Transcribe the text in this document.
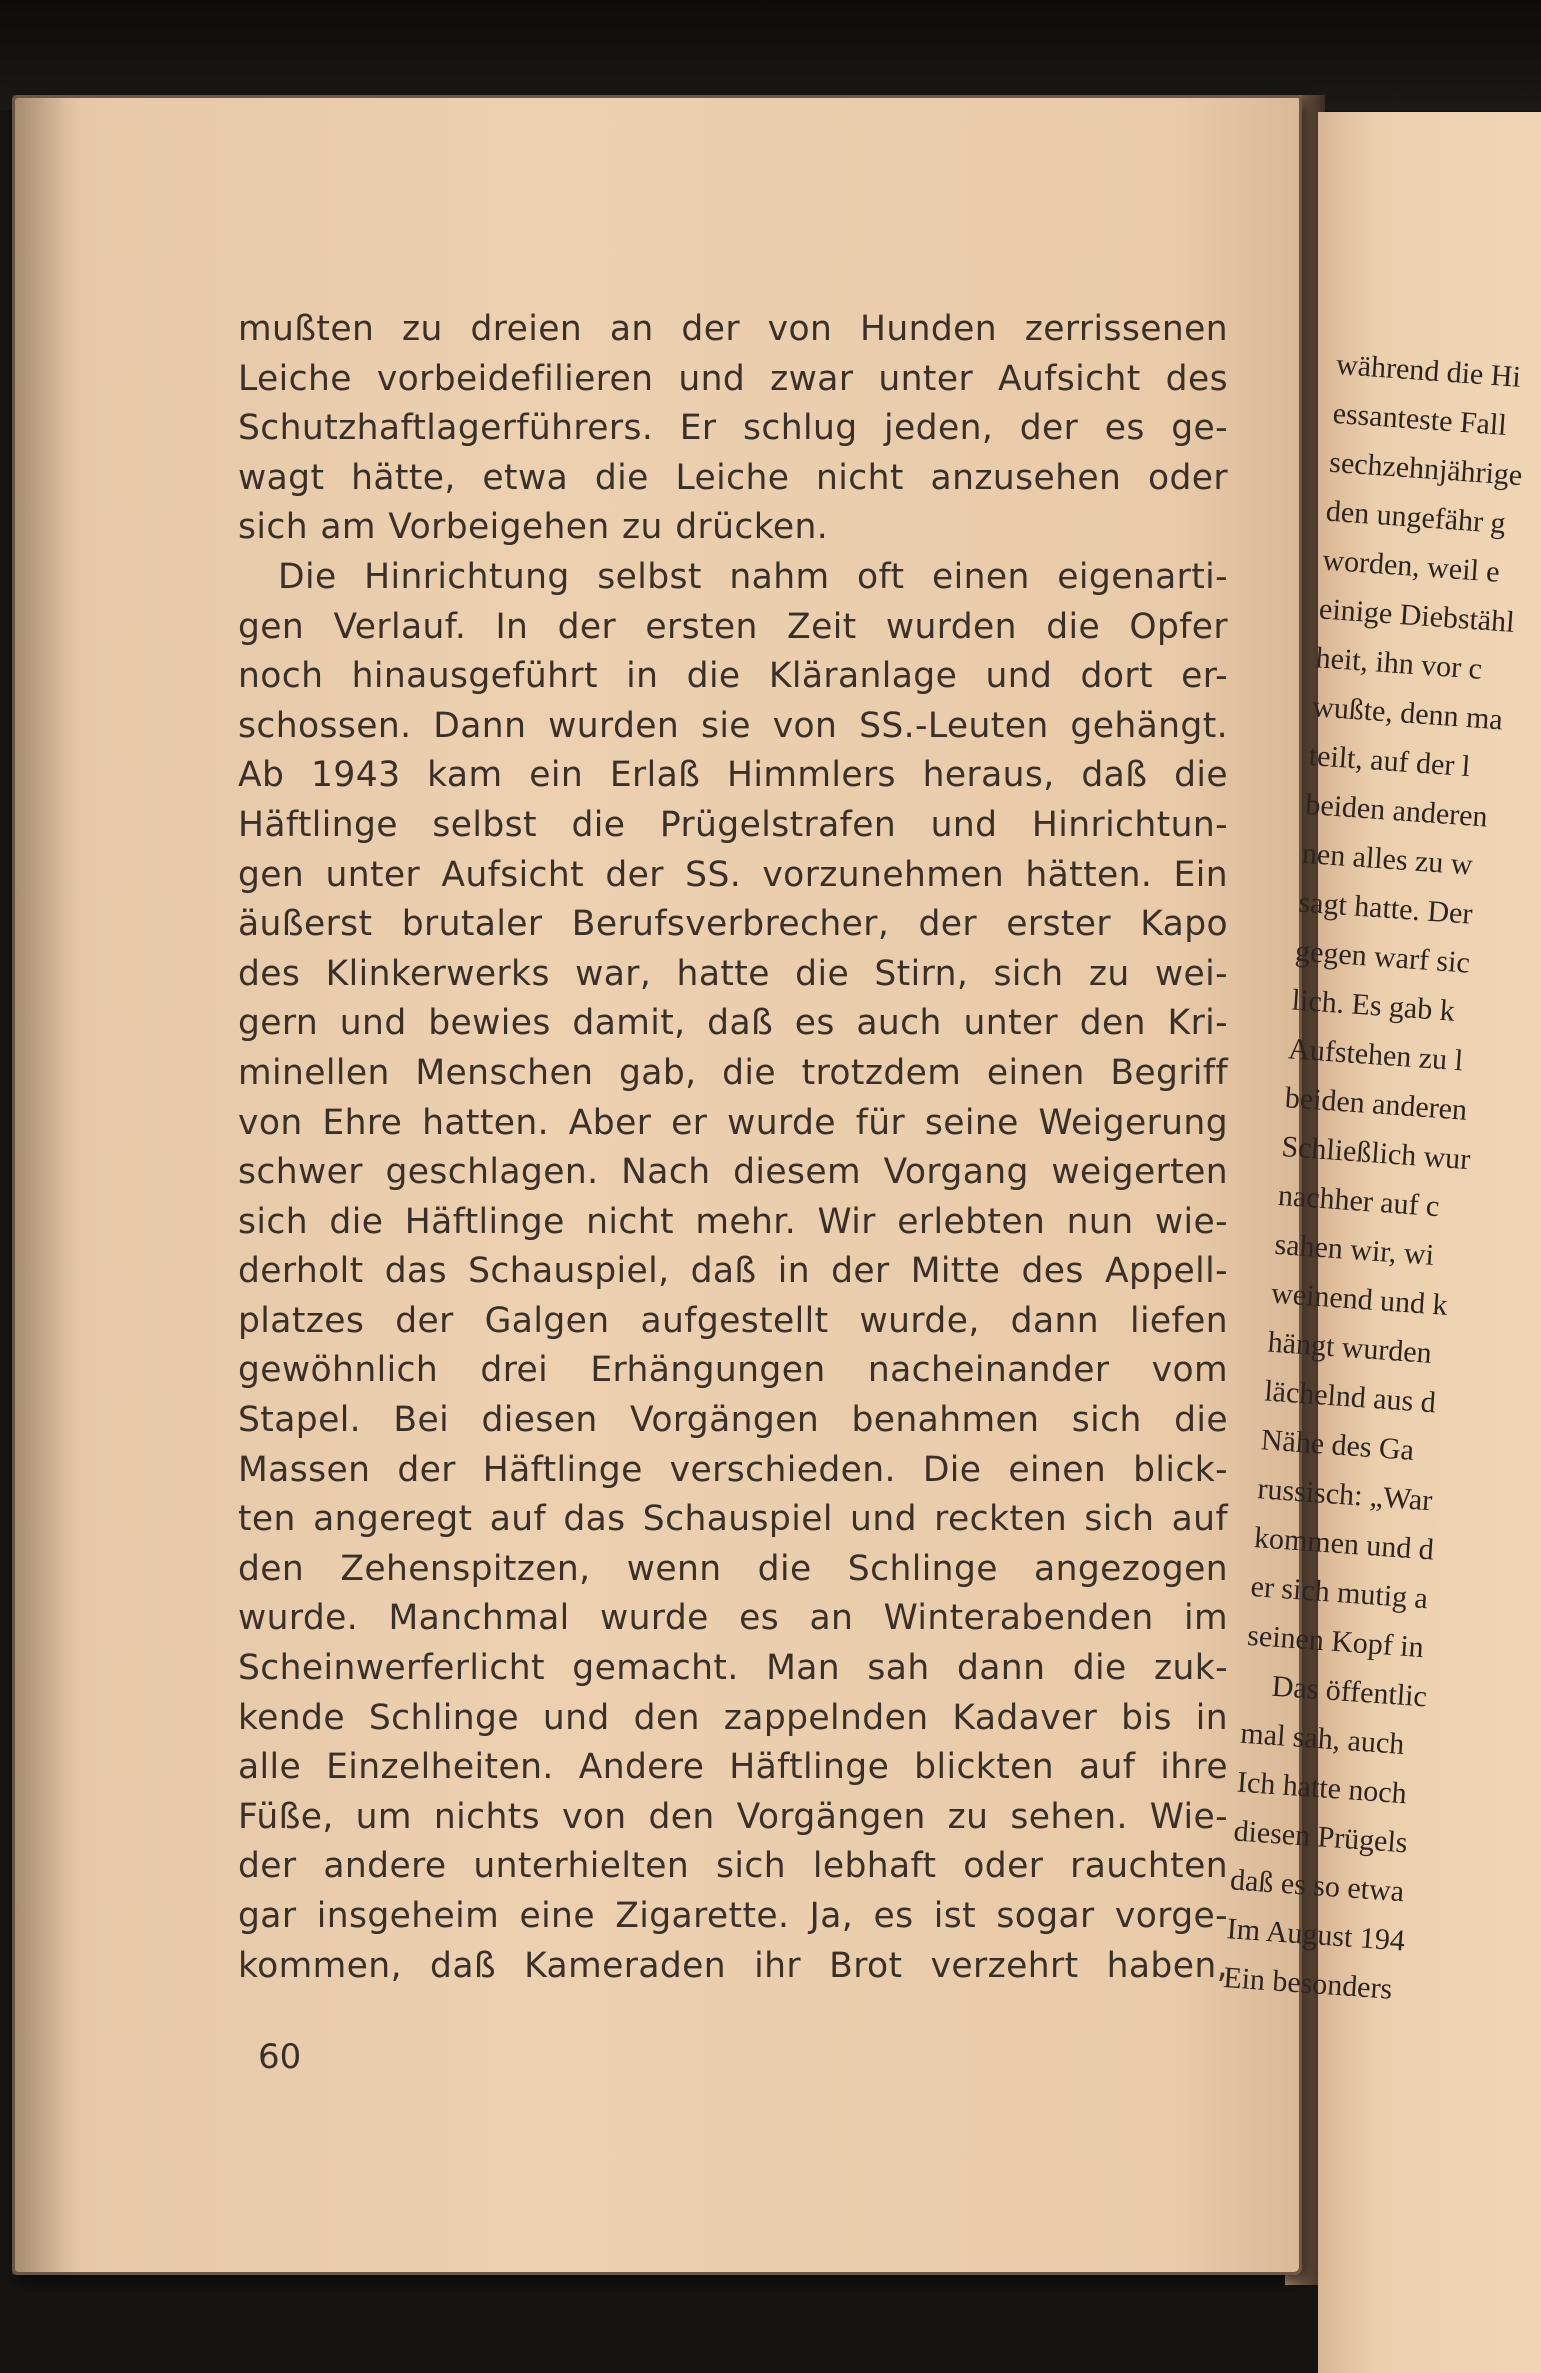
mußten zu dreien an der von Hunden zerrissenen
Leiche vorbeidefilieren und zwar unter Aufsicht des
Schutzhaftlagerführers. Er schlug jeden, der es ge-
wagt hätte, etwa die Leiche nicht anzusehen oder
sich am Vorbeigehen zu drücken.
Die Hinrichtung selbst nahm oft einen eigenarti-
gen Verlauf. In der ersten Zeit wurden die Opfer
noch hinausgeführt in die Kläranlage und dort er-
schossen. Dann wurden sie von SS.-Leuten gehängt.
Ab 1943 kam ein Erlaß Himmlers heraus, daß die
Häftlinge selbst die Prügelstrafen und Hinrichtun-
gen unter Aufsicht der SS. vorzunehmen hätten. Ein
äußerst brutaler Berufsverbrecher, der erster Kapo
des Klinkerwerks war, hatte die Stirn, sich zu wei-
gern und bewies damit, daß es auch unter den Kri-
minellen Menschen gab, die trotzdem einen Begriff
von Ehre hatten. Aber er wurde für seine Weigerung
schwer geschlagen. Nach diesem Vorgang weigerten
sich die Häftlinge nicht mehr. Wir erlebten nun wie-
derholt das Schauspiel, daß in der Mitte des Appell-
platzes der Galgen aufgestellt wurde, dann liefen
gewöhnlich drei Erhängungen nacheinander vom
Stapel. Bei diesen Vorgängen benahmen sich die
Massen der Häftlinge verschieden. Die einen blick-
ten angeregt auf das Schauspiel und reckten sich auf
den Zehenspitzen, wenn die Schlinge angezogen
wurde. Manchmal wurde es an Winterabenden im
Scheinwerferlicht gemacht. Man sah dann die zuk-
kende Schlinge und den zappelnden Kadaver bis in
alle Einzelheiten. Andere Häftlinge blickten auf ihre
Füße, um nichts von den Vorgängen zu sehen. Wie-
der andere unterhielten sich lebhaft oder rauchten
gar insgeheim eine Zigarette. Ja, es ist sogar vorge-
kommen, daß Kameraden ihr Brot verzehrt haben,
60
während die Hi
essanteste Fall
sechzehnjährige
den ungefähr g
worden, weil e
einige Diebstähl
heit, ihn vor c
wußte, denn ma
teilt, auf der l
beiden anderen
nen alles zu w
sagt hatte. Der
gegen warf sic
lich. Es gab k
Aufstehen zu l
beiden anderen
Schließlich wur
nachher auf c
sahen wir, wi
weinend und k
hängt wurden
lächelnd aus d
Nähe des Ga
russisch: „War
kommen und d
er sich mutig a
seinen Kopf in
Das öffentlic
mal sah, auch
Ich hatte noch
diesen Prügels
daß es so etwa
Im August 194
Ein besonders
